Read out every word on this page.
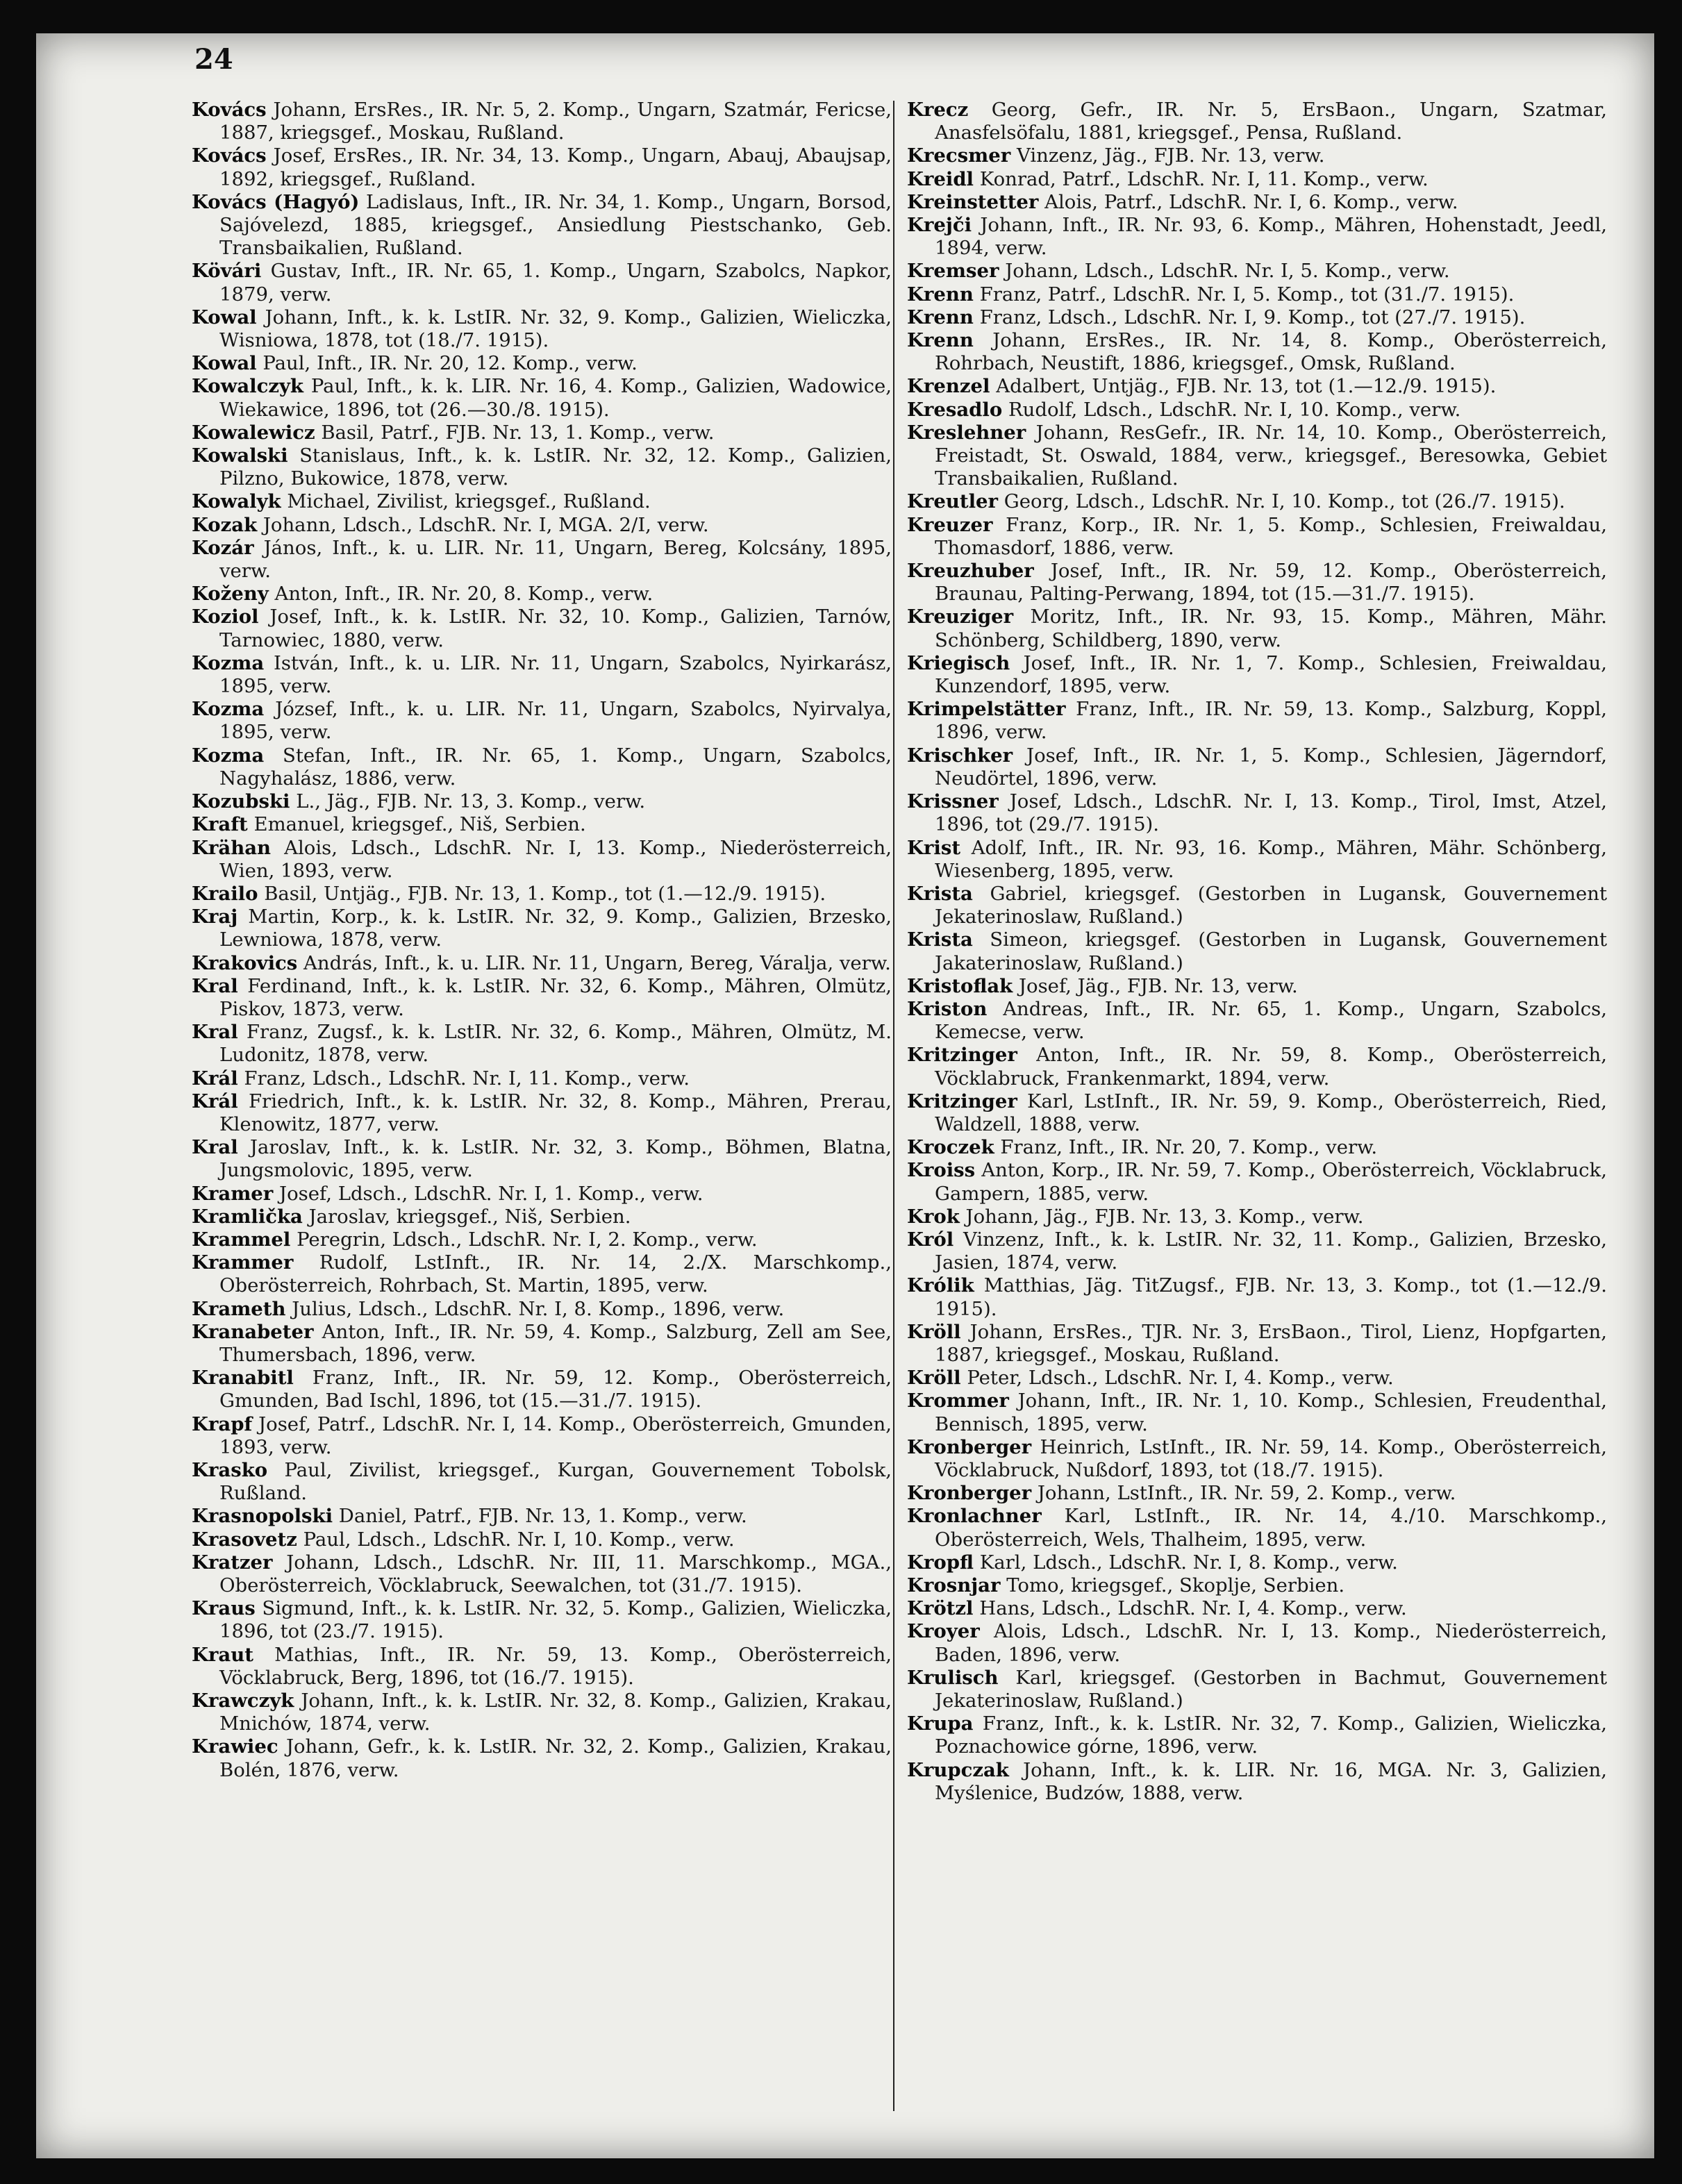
24

Kovács Johann, ErsRes., IR. Nr. 5, 2. Komp., Ungarn, Szatmár, Fericse, 1887, kriegsgef., Moskau, Rußland.

Kovács Josef, ErsRes., IR. Nr. 34, 13. Komp., Ungarn, Abauj, Abaujsap, 1892, kriegsgef., Rußland.

Kovács (Hagyó) Ladislaus, Inft., IR. Nr. 34, 1. Komp., Ungarn, Borsod, Sajóvelezd, 1885, kriegsgef., Ansiedlung Piestschanko, Geb. Transbaikalien, Rußland.

Kövári Gustav, Inft., IR. Nr. 65, 1. Komp., Ungarn, Szabolcs, Napkor, 1879, verw.

Kowal Johann, Inft., k. k. LstIR. Nr. 32, 9. Komp., Galizien, Wieliczka, Wisniowa, 1878, tot (18./7. 1915).

Kowal Paul, Inft., IR. Nr. 20, 12. Komp., verw.

Kowalczyk Paul, Inft., k. k. LIR. Nr. 16, 4. Komp., Galizien, Wadowice, Wiekawice, 1896, tot (26.—30./8. 1915).

Kowalewicz Basil, Patrf., FJB. Nr. 13, 1. Komp., verw.

Kowalski Stanislaus, Inft., k. k. LstIR. Nr. 32, 12. Komp., Galizien, Pilzno, Bukowice, 1878, verw.

Kowalyk Michael, Zivilist, kriegsgef., Rußland.

Kozak Johann, Ldsch., LdschR. Nr. I, MGA. 2/I, verw.

Kozár János, Inft., k. u. LIR. Nr. 11, Ungarn, Bereg, Kolcsány, 1895, verw.

Koženy Anton, Inft., IR. Nr. 20, 8. Komp., verw.

Koziol Josef, Inft., k. k. LstIR. Nr. 32, 10. Komp., Galizien, Tarnów, Tarnowiec, 1880, verw.

Kozma István, Inft., k. u. LIR. Nr. 11, Ungarn, Szabolcs, Nyirkarász, 1895, verw.

Kozma József, Inft., k. u. LIR. Nr. 11, Ungarn, Szabolcs, Nyirvalya, 1895, verw.

Kozma Stefan, Inft., IR. Nr. 65, 1. Komp., Ungarn, Szabolcs, Nagyhalász, 1886, verw.

Kozubski L., Jäg., FJB. Nr. 13, 3. Komp., verw.

Kraft Emanuel, kriegsgef., Niš, Serbien.

Krähan Alois, Ldsch., LdschR. Nr. I, 13. Komp., Niederösterreich, Wien, 1893, verw.

Krailo Basil, Untjäg., FJB. Nr. 13, 1. Komp., tot (1.—12./9. 1915).

Kraj Martin, Korp., k. k. LstIR. Nr. 32, 9. Komp., Galizien, Brzesko, Lewniowa, 1878, verw.

Krakovics András, Inft., k. u. LIR. Nr. 11, Ungarn, Bereg, Váralja, verw.

Kral Ferdinand, Inft., k. k. LstIR. Nr. 32, 6. Komp., Mähren, Olmütz, Piskov, 1873, verw.

Kral Franz, Zugsf., k. k. LstIR. Nr. 32, 6. Komp., Mähren, Olmütz, M. Ludonitz, 1878, verw.

Král Franz, Ldsch., LdschR. Nr. I, 11. Komp., verw.

Král Friedrich, Inft., k. k. LstIR. Nr. 32, 8. Komp., Mähren, Prerau, Klenowitz, 1877, verw.

Kral Jaroslav, Inft., k. k. LstIR. Nr. 32, 3. Komp., Böhmen, Blatna, Jungsmolovic, 1895, verw.

Kramer Josef, Ldsch., LdschR. Nr. I, 1. Komp., verw.

Kramlička Jaroslav, kriegsgef., Niš, Serbien.

Krammel Peregrin, Ldsch., LdschR. Nr. I, 2. Komp., verw.

Krammer Rudolf, LstInft., IR. Nr. 14, 2./X. Marschkomp., Oberösterreich, Rohrbach, St. Martin, 1895, verw.

Krameth Julius, Ldsch., LdschR. Nr. I, 8. Komp., 1896, verw.

Kranabeter Anton, Inft., IR. Nr. 59, 4. Komp., Salzburg, Zell am See, Thumersbach, 1896, verw.

Kranabitl Franz, Inft., IR. Nr. 59, 12. Komp., Oberösterreich, Gmunden, Bad Ischl, 1896, tot (15.—31./7. 1915).

Krapf Josef, Patrf., LdschR. Nr. I, 14. Komp., Oberösterreich, Gmunden, 1893, verw.

Krasko Paul, Zivilist, kriegsgef., Kurgan, Gouvernement Tobolsk, Rußland.

Krasnopolski Daniel, Patrf., FJB. Nr. 13, 1. Komp., verw.

Krasovetz Paul, Ldsch., LdschR. Nr. I, 10. Komp., verw.

Kratzer Johann, Ldsch., LdschR. Nr. III, 11. Marschkomp., MGA., Oberösterreich, Vöcklabruck, Seewalchen, tot (31./7. 1915).

Kraus Sigmund, Inft., k. k. LstIR. Nr. 32, 5. Komp., Galizien, Wieliczka, 1896, tot (23./7. 1915).

Kraut Mathias, Inft., IR. Nr. 59, 13. Komp., Oberösterreich, Vöcklabruck, Berg, 1896, tot (16./7. 1915).

Krawczyk Johann, Inft., k. k. LstIR. Nr. 32, 8. Komp., Galizien, Krakau, Mnichów, 1874, verw.

Krawiec Johann, Gefr., k. k. LstIR. Nr. 32, 2. Komp., Galizien, Krakau, Bolén, 1876, verw.

Krecz Georg, Gefr., IR. Nr. 5, ErsBaon., Ungarn, Szatmar, Anasfelsöfalu, 1881, kriegsgef., Pensa, Rußland.

Krecsmer Vinzenz, Jäg., FJB. Nr. 13, verw.

Kreidl Konrad, Patrf., LdschR. Nr. I, 11. Komp., verw.

Kreinstetter Alois, Patrf., LdschR. Nr. I, 6. Komp., verw.

Krejči Johann, Inft., IR. Nr. 93, 6. Komp., Mähren, Hohenstadt, Jeedl, 1894, verw.

Kremser Johann, Ldsch., LdschR. Nr. I, 5. Komp., verw.

Krenn Franz, Patrf., LdschR. Nr. I, 5. Komp., tot (31./7. 1915).

Krenn Franz, Ldsch., LdschR. Nr. I, 9. Komp., tot (27./7. 1915).

Krenn Johann, ErsRes., IR. Nr. 14, 8. Komp., Oberösterreich, Rohrbach, Neustift, 1886, kriegsgef., Omsk, Rußland.

Krenzel Adalbert, Untjäg., FJB. Nr. 13, tot (1.—12./9. 1915).

Kresadlo Rudolf, Ldsch., LdschR. Nr. I, 10. Komp., verw.

Kreslehner Johann, ResGefr., IR. Nr. 14, 10. Komp., Oberösterreich, Freistadt, St. Oswald, 1884, verw., kriegsgef., Beresowka, Gebiet Transbaikalien, Rußland.

Kreutler Georg, Ldsch., LdschR. Nr. I, 10. Komp., tot (26./7. 1915).

Kreuzer Franz, Korp., IR. Nr. 1, 5. Komp., Schlesien, Freiwaldau, Thomasdorf, 1886, verw.

Kreuzhuber Josef, Inft., IR. Nr. 59, 12. Komp., Oberösterreich, Braunau, Palting-Perwang, 1894, tot (15.—31./7. 1915).

Kreuziger Moritz, Inft., IR. Nr. 93, 15. Komp., Mähren, Mähr. Schönberg, Schildberg, 1890, verw.

Kriegisch Josef, Inft., IR. Nr. 1, 7. Komp., Schlesien, Freiwaldau, Kunzendorf, 1895, verw.

Krimpelstätter Franz, Inft., IR. Nr. 59, 13. Komp., Salzburg, Koppl, 1896, verw.

Krischker Josef, Inft., IR. Nr. 1, 5. Komp., Schlesien, Jägerndorf, Neudörtel, 1896, verw.

Krissner Josef, Ldsch., LdschR. Nr. I, 13. Komp., Tirol, Imst, Atzel, 1896, tot (29./7. 1915).

Krist Adolf, Inft., IR. Nr. 93, 16. Komp., Mähren, Mähr. Schönberg, Wiesenberg, 1895, verw.

Krista Gabriel, kriegsgef. (Gestorben in Lugansk, Gouvernement Jekaterinoslaw, Rußland.)

Krista Simeon, kriegsgef. (Gestorben in Lugansk, Gouvernement Jakaterinoslaw, Rußland.)

Kristoflak Josef, Jäg., FJB. Nr. 13, verw.

Kriston Andreas, Inft., IR. Nr. 65, 1. Komp., Ungarn, Szabolcs, Kemecse, verw.

Kritzinger Anton, Inft., IR. Nr. 59, 8. Komp., Oberösterreich, Vöcklabruck, Frankenmarkt, 1894, verw.

Kritzinger Karl, LstInft., IR. Nr. 59, 9. Komp., Oberösterreich, Ried, Waldzell, 1888, verw.

Kroczek Franz, Inft., IR. Nr. 20, 7. Komp., verw.

Kroiss Anton, Korp., IR. Nr. 59, 7. Komp., Oberösterreich, Vöcklabruck, Gampern, 1885, verw.

Krok Johann, Jäg., FJB. Nr. 13, 3. Komp., verw.

Król Vinzenz, Inft., k. k. LstIR. Nr. 32, 11. Komp., Galizien, Brzesko, Jasien, 1874, verw.

Królik Matthias, Jäg. TitZugsf., FJB. Nr. 13, 3. Komp., tot (1.—12./9. 1915).

Kröll Johann, ErsRes., TJR. Nr. 3, ErsBaon., Tirol, Lienz, Hopfgarten, 1887, kriegsgef., Moskau, Rußland.

Kröll Peter, Ldsch., LdschR. Nr. I, 4. Komp., verw.

Krommer Johann, Inft., IR. Nr. 1, 10. Komp., Schlesien, Freudenthal, Bennisch, 1895, verw.

Kronberger Heinrich, LstInft., IR. Nr. 59, 14. Komp., Oberösterreich, Vöcklabruck, Nußdorf, 1893, tot (18./7. 1915).

Kronberger Johann, LstInft., IR. Nr. 59, 2. Komp., verw.

Kronlachner Karl, LstInft., IR. Nr. 14, 4./10. Marschkomp., Oberösterreich, Wels, Thalheim, 1895, verw.

Kropfl Karl, Ldsch., LdschR. Nr. I, 8. Komp., verw.

Krosnjar Tomo, kriegsgef., Skoplje, Serbien.

Krötzl Hans, Ldsch., LdschR. Nr. I, 4. Komp., verw.

Kroyer Alois, Ldsch., LdschR. Nr. I, 13. Komp., Niederösterreich, Baden, 1896, verw.

Krulisch Karl, kriegsgef. (Gestorben in Bachmut, Gouvernement Jekaterinoslaw, Rußland.)

Krupa Franz, Inft., k. k. LstIR. Nr. 32, 7. Komp., Galizien, Wieliczka, Poznachowice górne, 1896, verw.

Krupczak Johann, Inft., k. k. LIR. Nr. 16, MGA. Nr. 3, Galizien, Myślenice, Budzów, 1888, verw.
